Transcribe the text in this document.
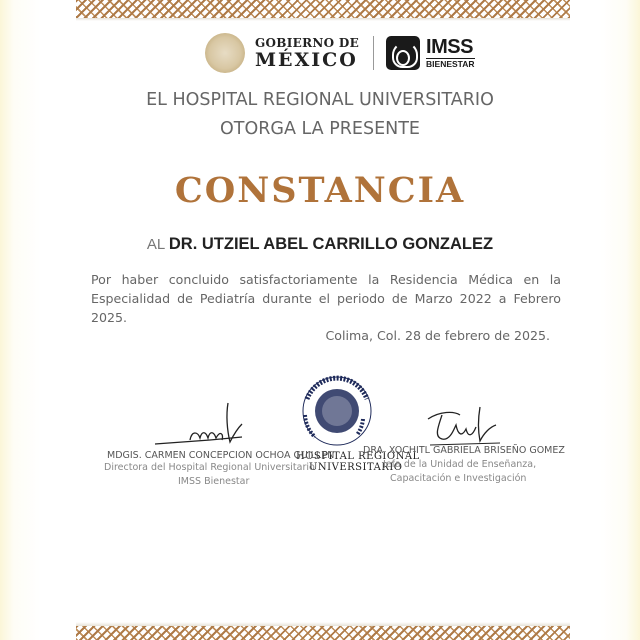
GOBIERNO DE
MÉXICO
IMSS
BIENESTAR
EL HOSPITAL REGIONAL UNIVERSITARIO
OTORGA LA PRESENTE
CONSTANCIA
AL DR. UTZIEL ABEL CARRILLO GONZALEZ
Por haber concluido satisfactoriamente la Residencia Médica en la Especialidad de Pediatría durante el periodo de Marzo 2022 a Febrero 2025.
Colima, Col. 28 de febrero de 2025.
HOSPITAL REGIONAL
UNIVERSITARIO
MDGIS. CARMEN CONCEPCION OCHOA GUILLEN
Directora del Hospital Regional Universitario
IMSS Bienestar
DRA. XOCHITL GABRIELA BRISEÑO GOMEZ
Jefa de la Unidad de Enseñanza,
Capacitación e Investigación
